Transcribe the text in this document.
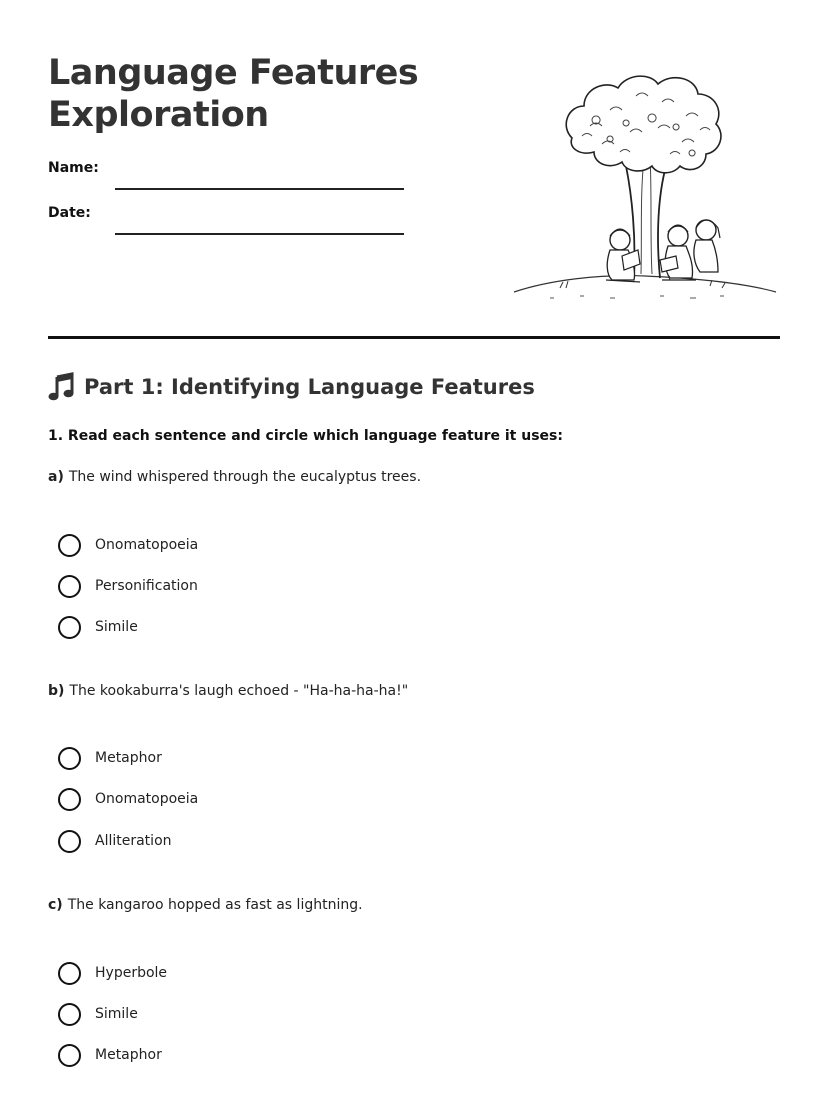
Language Features
Exploration
Name:
Date:
Part 1: Identifying Language Features
1. Read each sentence and circle which language feature it uses:
a) The wind whispered through the eucalyptus trees.
Onomatopoeia
Personification
Simile
b) The kookaburra's laugh echoed - "Ha-ha-ha-ha!"
Metaphor
Onomatopoeia
Alliteration
c) The kangaroo hopped as fast as lightning.
Hyperbole
Simile
Metaphor
